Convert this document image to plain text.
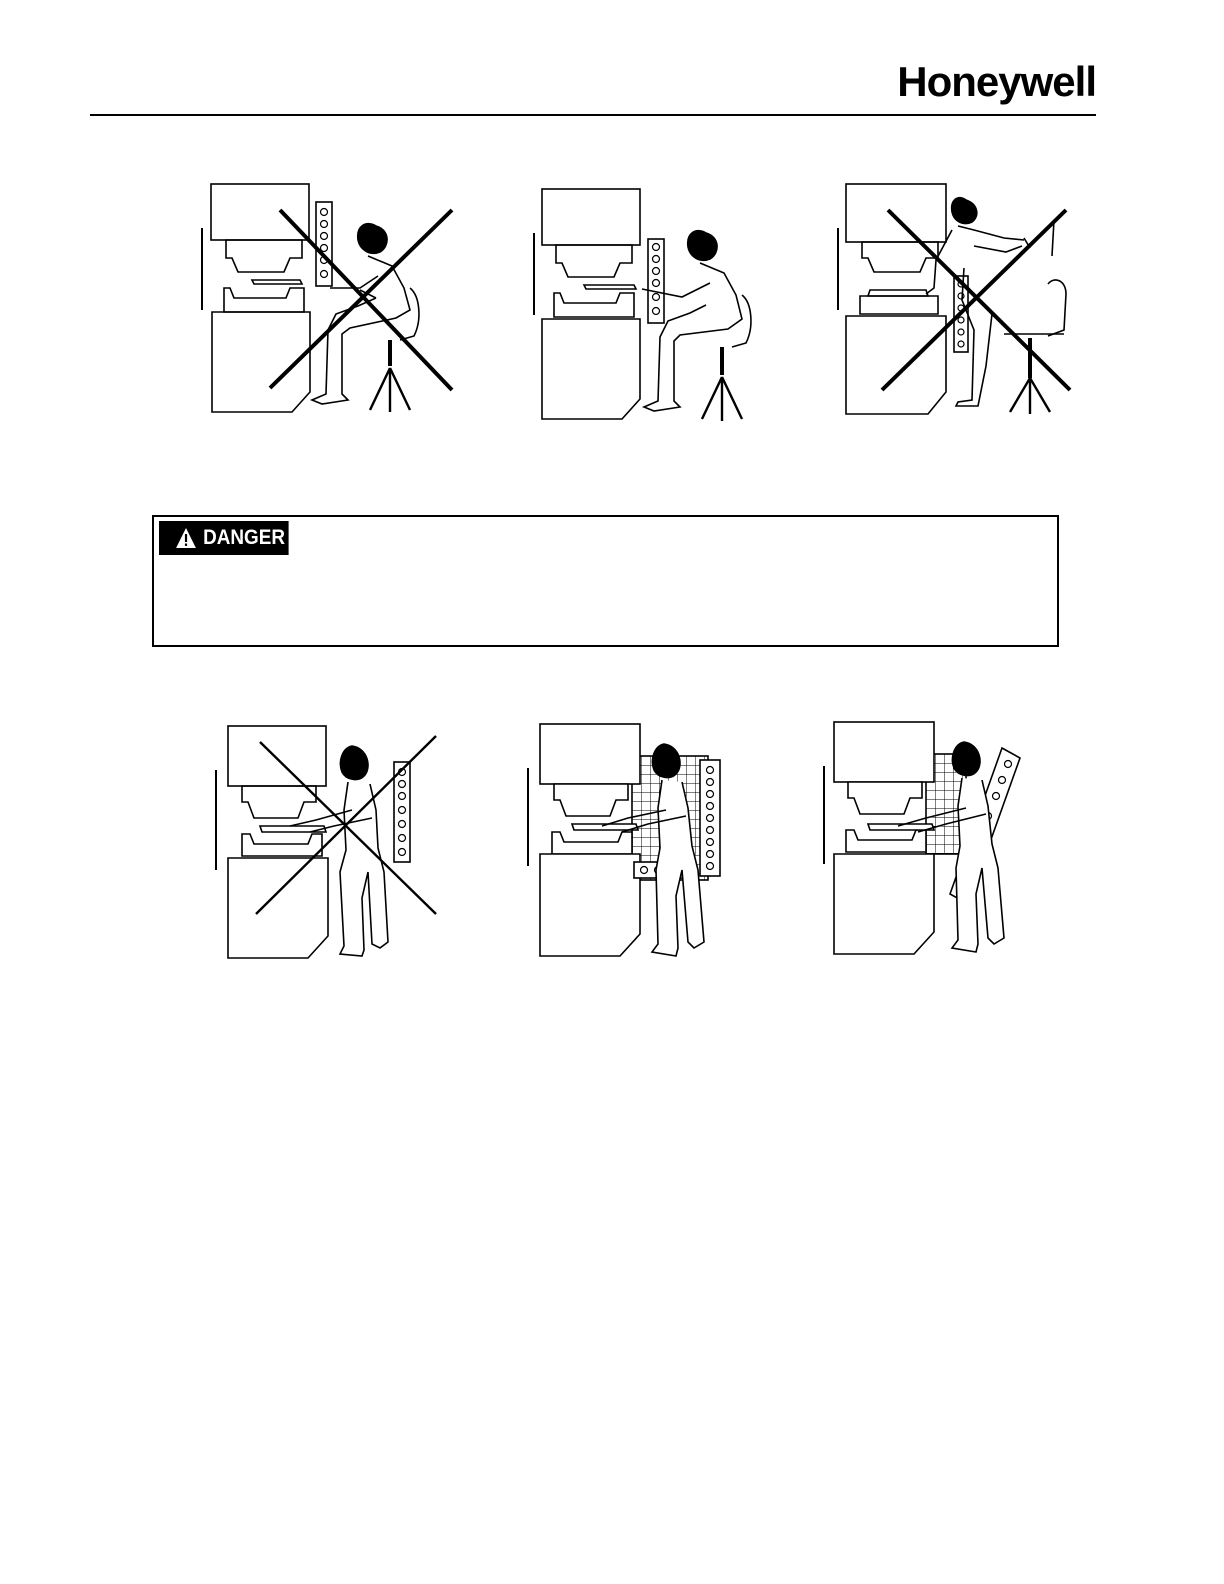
Honeywell
DANGER
